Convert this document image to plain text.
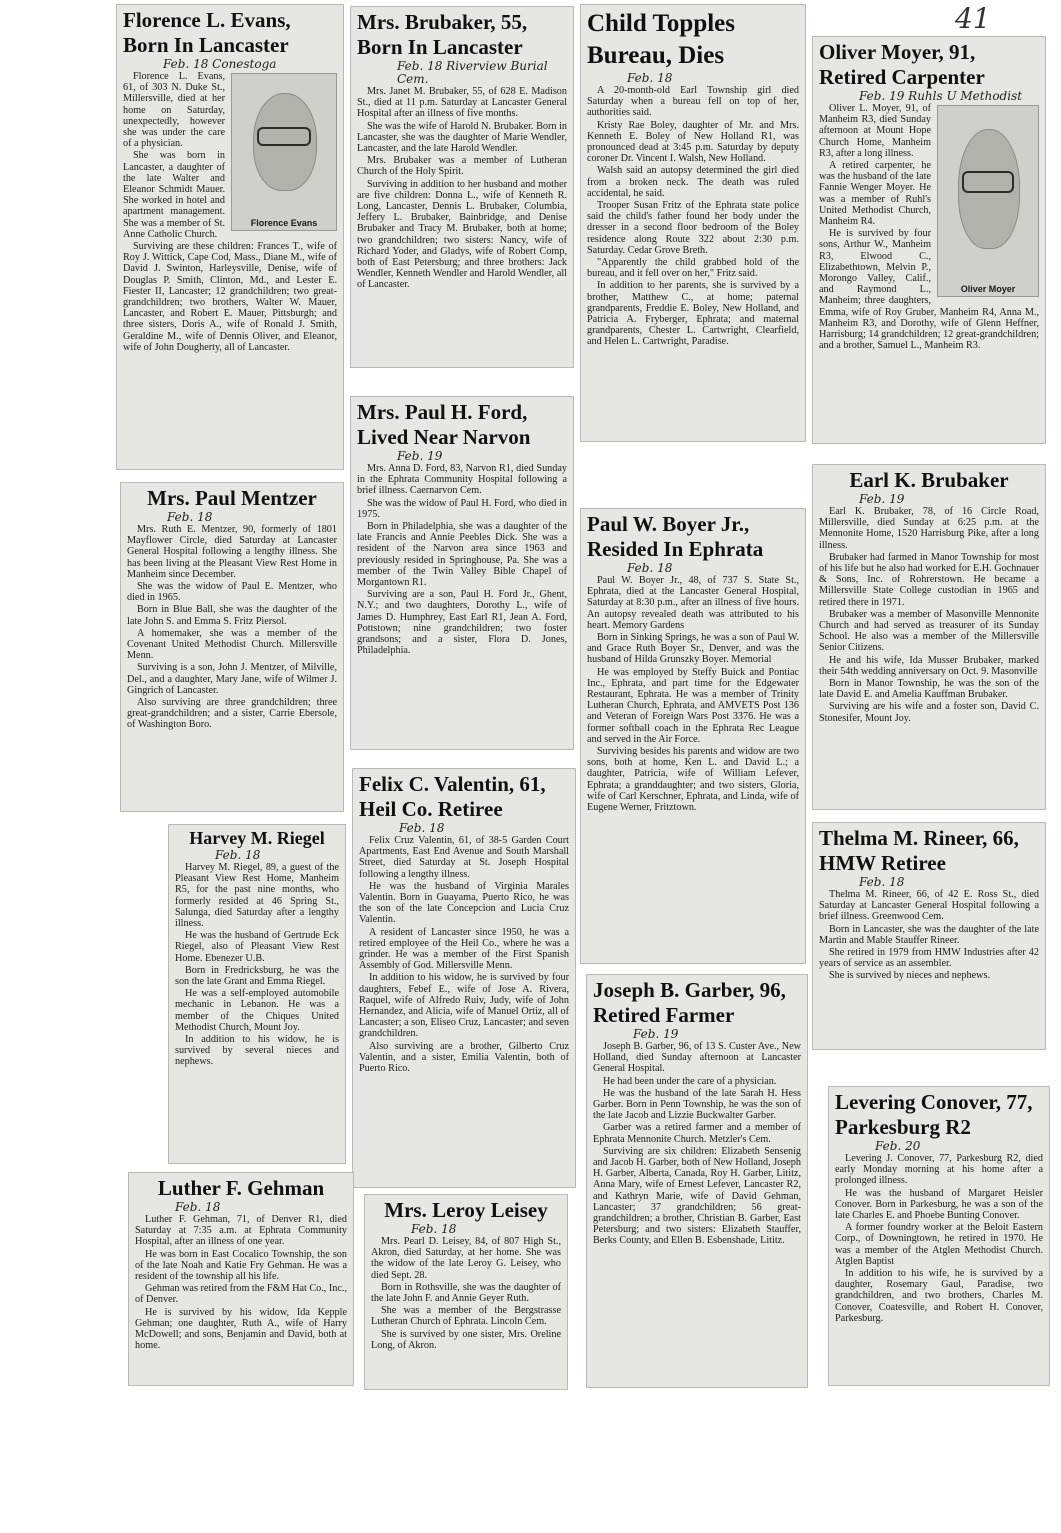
41
Florence L. Evans, Born In Lancaster
Feb. 18 Conestoga
Florence Evans

Florence L. Evans, 61, of 303 N. Duke St., Millersville, died at her home on Saturday, unexpectedly, however she was under the care of a physician.

She was born in Lancaster, a daughter of the late Walter and Eleanor Schmidt Mauer. She worked in hotel and apartment management. She was a member of St. Anne Catholic Church.

Surviving are these children: Frances T., wife of Roy J. Wittick, Cape Cod, Mass., Diane M., wife of David J. Swinton, Harleysville, Denise, wife of Douglas P. Smith, Clinton, Md., and Lester E. Fiester II, Lancaster; 12 grandchildren; two great-grandchildren; two brothers, Walter W. Mauer, Lancaster, and Robert E. Mauer, Pittsburgh; and three sisters, Doris A., wife of Ronald J. Smith, Geraldine M., wife of Dennis Oliver, and Eleanor, wife of John Dougherty, all of Lancaster.

Mrs. Brubaker, 55, Born In Lancaster
Feb. 18 Riverview Burial Cem.

Mrs. Janet M. Brubaker, 55, of 628 E. Madison St., died at 11 p.m. Saturday at Lancaster General Hospital after an illness of five months.

She was the wife of Harold N. Brubaker. Born in Lancaster, she was the daughter of Marie Wendler, Lancaster, and the late Harold Wendler.

Mrs. Brubaker was a member of Lutheran Church of the Holy Spirit.

Surviving in addition to her husband and mother are five children: Donna L., wife of Kenneth R. Long, Lancaster, Dennis L. Brubaker, Columbia, Jeffery L. Brubaker, Bainbridge, and Denise Brubaker and Tracy M. Brubaker, both at home; two grandchildren; two sisters: Nancy, wife of Richard Yoder, and Gladys, wife of Robert Comp, both of East Petersburg; and three brothers: Jack Wendler, Kenneth Wendler and Harold Wendler, all of Lancaster.

Child Topples Bureau, Dies
Feb. 18

A 20-month-old Earl Township girl died Saturday when a bureau fell on top of her, authorities said.

Kristy Rae Boley, daughter of Mr. and Mrs. Kenneth E. Boley of New Holland R1, was pronounced dead at 3:45 p.m. Saturday by deputy coroner Dr. Vincent I. Walsh, New Holland.

Walsh said an autopsy determined the girl died from a broken neck. The death was ruled accidental, he said.

Trooper Susan Fritz of the Ephrata state police said the child's father found her body under the dresser in a second floor bedroom of the Boley residence along Route 322 about 2:30 p.m. Saturday. Cedar Grove Breth.

"Apparently the child grabbed hold of the bureau, and it fell over on her," Fritz said.

In addition to her parents, she is survived by a brother, Matthew C., at home; paternal grandparents, Freddie E. Boley, New Holland, and Patricia A. Fryberger, Ephrata; and maternal grandparents, Chester L. Cartwright, Clearfield, and Helen L. Cartwright, Paradise.

Oliver Moyer, 91, Retired Carpenter
Feb. 19 Ruhls U Methodist
Oliver Moyer

Oliver L. Moyer, 91, of Manheim R3, died Sunday afternoon at Mount Hope Church Home, Manheim R3, after a long illness.

A retired carpenter, he was the husband of the late Fannie Wenger Moyer. He was a member of Ruhl's United Methodist Church, Manheim R4.

He is survived by four sons, Arthur W., Manheim R3, Elwood C., Elizabethtown, Melvin P., Morongo Valley, Calif., and Raymond L., Manheim; three daughters, Emma, wife of Roy Gruber, Manheim R4, Anna M., Manheim R3, and Dorothy, wife of Glenn Heffner, Harrisburg; 14 grandchildren; 12 great-grandchildren; and a brother, Samuel L., Manheim R3.

Mrs. Paul Mentzer
Feb. 18

Mrs. Ruth E. Mentzer, 90, formerly of 1801 Mayflower Circle, died Saturday at Lancaster General Hospital following a lengthy illness. She has been living at the Pleasant View Rest Home in Manheim since December.

She was the widow of Paul E. Mentzer, who died in 1965.

Born in Blue Ball, she was the daughter of the late John S. and Emma S. Fritz Piersol.

A homemaker, she was a member of the Covenant United Methodist Church. Millersville Menn.

Surviving is a son, John J. Mentzer, of Milville, Del., and a daughter, Mary Jane, wife of Wilmer J. Gingrich of Lancaster.

Also surviving are three grandchildren; three great-grandchildren; and a sister, Carrie Ebersole, of Washington Boro.

Mrs. Paul H. Ford, Lived Near Narvon
Feb. 19

Mrs. Anna D. Ford, 83, Narvon R1, died Sunday in the Ephrata Community Hospital following a brief illness. Caernarvon Cem.

She was the widow of Paul H. Ford, who died in 1975.

Born in Philadelphia, she was a daughter of the late Francis and Annie Peebles Dick. She was a resident of the Narvon area since 1963 and previously resided in Springhouse, Pa. She was a member of the Twin Valley Bible Chapel of Morgantown R1.

Surviving are a son, Paul H. Ford Jr., Ghent, N.Y.; and two daughters, Dorothy L., wife of James D. Humphrey, East Earl R1, Jean A. Ford, Pottstown; nine grandchildren; two foster grandsons; and a sister, Flora D. Jones, Philadelphia.

Paul W. Boyer Jr., Resided In Ephrata
Feb. 18

Paul W. Boyer Jr., 48, of 737 S. State St., Ephrata, died at the Lancaster General Hospital, Saturday at 8:30 p.m., after an illness of five hours. An autopsy revealed death was attributed to his heart. Memory Gardens

Born in Sinking Springs, he was a son of Paul W. and Grace Ruth Boyer Sr., Denver, and was the husband of Hilda Grunszky Boyer. Memorial

He was employed by Steffy Buick and Pontiac Inc., Ephrata, and part time for the Edgewater Restaurant, Ephrata. He was a member of Trinity Lutheran Church, Ephrata, and AMVETS Post 136 and Veteran of Foreign Wars Post 3376. He was a former softball coach in the Ephrata Rec League and served in the Air Force.

Surviving besides his parents and widow are two sons, both at home, Ken L. and David L.; a daughter, Patricia, wife of William Lefever, Ephrata; a granddaughter; and two sisters, Gloria, wife of Carl Kerschner, Ephrata, and Linda, wife of Eugene Werner, Fritztown.

Earl K. Brubaker
Feb. 19

Earl K. Brubaker, 78, of 16 Circle Road, Millersville, died Sunday at 6:25 p.m. at the Mennonite Home, 1520 Harrisburg Pike, after a long illness.

Brubaker had farmed in Manor Township for most of his life but he also had worked for E.H. Gochnauer & Sons, Inc. of Rohrerstown. He became a Millersville State College custodian in 1965 and retired there in 1971.

Brubaker was a member of Masonville Mennonite Church and had served as treasurer of its Sunday School. He also was a member of the Millersville Senior Citizens.

He and his wife, Ida Musser Brubaker, marked their 54th wedding anniversary on Oct. 9. Masonville

Born in Manor Township, he was the son of the late David E. and Amelia Kauffman Brubaker.

Surviving are his wife and a foster son, David C. Stonesifer, Mount Joy.

Felix C. Valentin, 61, Heil Co. Retiree
Feb. 18

Felix Cruz Valentin, 61, of 38-5 Garden Court Apartments, East End Avenue and South Marshall Street, died Saturday at St. Joseph Hospital following a lengthy illness.

He was the husband of Virginia Marales Valentin. Born in Guayama, Puerto Rico, he was the son of the late Concepcion and Lucia Cruz Valentin.

A resident of Lancaster since 1950, he was a retired employee of the Heil Co., where he was a grinder. He was a member of the First Spanish Assembly of God. Millersville Menn.

In addition to his widow, he is survived by four daughters, Febef E., wife of Jose A. Rivera, Raquel, wife of Alfredo Ruiv, Judy, wife of John Hernandez, and Alicia, wife of Manuel Ortiz, all of Lancaster; a son, Eliseo Cruz, Lancaster; and seven grandchildren.

Also surviving are a brother, Gilberto Cruz Valentin, and a sister, Emilia Valentin, both of Puerto Rico.

Thelma M. Rineer, 66, HMW Retiree
Feb. 18

Thelma M. Rineer, 66, of 42 E. Ross St., died Saturday at Lancaster General Hospital following a brief illness. Greenwood Cem.

Born in Lancaster, she was the daughter of the late Martin and Mable Stauffer Rineer.

She retired in 1979 from HMW Industries after 42 years of service as an assembler.

She is survived by nieces and nephews.

Harvey M. Riegel
Feb. 18

Harvey M. Riegel, 89, a guest of the Pleasant View Rest Home, Manheim R5, for the past nine months, who formerly resided at 46 Spring St., Salunga, died Saturday after a lengthy illness.

He was the husband of Gertrude Eck Riegel, also of Pleasant View Rest Home. Ebenezer U.B.

Born in Fredricksburg, he was the son the late Grant and Emma Riegel.

He was a self-employed automobile mechanic in Lebanon. He was a member of the Chiques United Methodist Church, Mount Joy.

In addition to his widow, he is survived by several nieces and nephews.

Joseph B. Garber, 96, Retired Farmer
Feb. 19

Joseph B. Garber, 96, of 13 S. Custer Ave., New Holland, died Sunday afternoon at Lancaster General Hospital.

He had been under the care of a physician.

He was the husband of the late Sarah H. Hess Garber. Born in Penn Township, he was the son of the late Jacob and Lizzie Buckwalter Garber.

Garber was a retired farmer and a member of Ephrata Mennonite Church. Metzler's Cem.

Surviving are six children: Elizabeth Sensenig and Jacob H. Garber, both of New Holland, Joseph H. Garber, Alberta, Canada, Roy H. Garber, Lititz, Anna Mary, wife of Ernest Lefever, Lancaster R2, and Kathryn Marie, wife of David Gehman, Lancaster; 37 grandchildren; 56 great-grandchildren; a brother, Christian B. Garber, East Petersburg; and two sisters: Elizabeth Stauffer, Berks County, and Ellen B. Esbenshade, Lititz.

Levering Conover, 77, Parkesburg R2
Feb. 20

Levering J. Conover, 77, Parkesburg R2, died early Monday morning at his home after a prolonged illness.

He was the husband of Margaret Heisler Conover. Born in Parkesburg, he was a son of the late Charles E. and Phoebe Bunting Conover.

A former foundry worker at the Beloit Eastern Corp., of Downingtown, he retired in 1970. He was a member of the Atglen Methodist Church. Atglen Baptist

In addition to his wife, he is survived by a daughter, Rosemary Gaul, Paradise, two grandchildren, and two brothers, Charles M. Conover, Coatesville, and Robert H. Conover, Parkesburg.

Luther F. Gehman
Feb. 18

Luther F. Gehman, 71, of Denver R1, died Saturday at 7:35 a.m. at Ephrata Community Hospital, after an illness of one year.

He was born in East Cocalico Township, the son of the late Noah and Katie Fry Gehman. He was a resident of the township all his life.

Gehman was retired from the F&M Hat Co., Inc., of Denver.

He is survived by his widow, Ida Kepple Gehman; one daughter, Ruth A., wife of Harry McDowell; and sons, Benjamin and David, both at home.

Mrs. Leroy Leisey
Feb. 18

Mrs. Pearl D. Leisey, 84, of 807 High St., Akron, died Saturday, at her home. She was the widow of the late Leroy G. Leisey, who died Sept. 28.

Born in Rothsville, she was the daughter of the late John F. and Annie Geyer Ruth.

She was a member of the Bergstrasse Lutheran Church of Ephrata. Lincoln Cem.

She is survived by one sister, Mrs. Oreline Long, of Akron.
